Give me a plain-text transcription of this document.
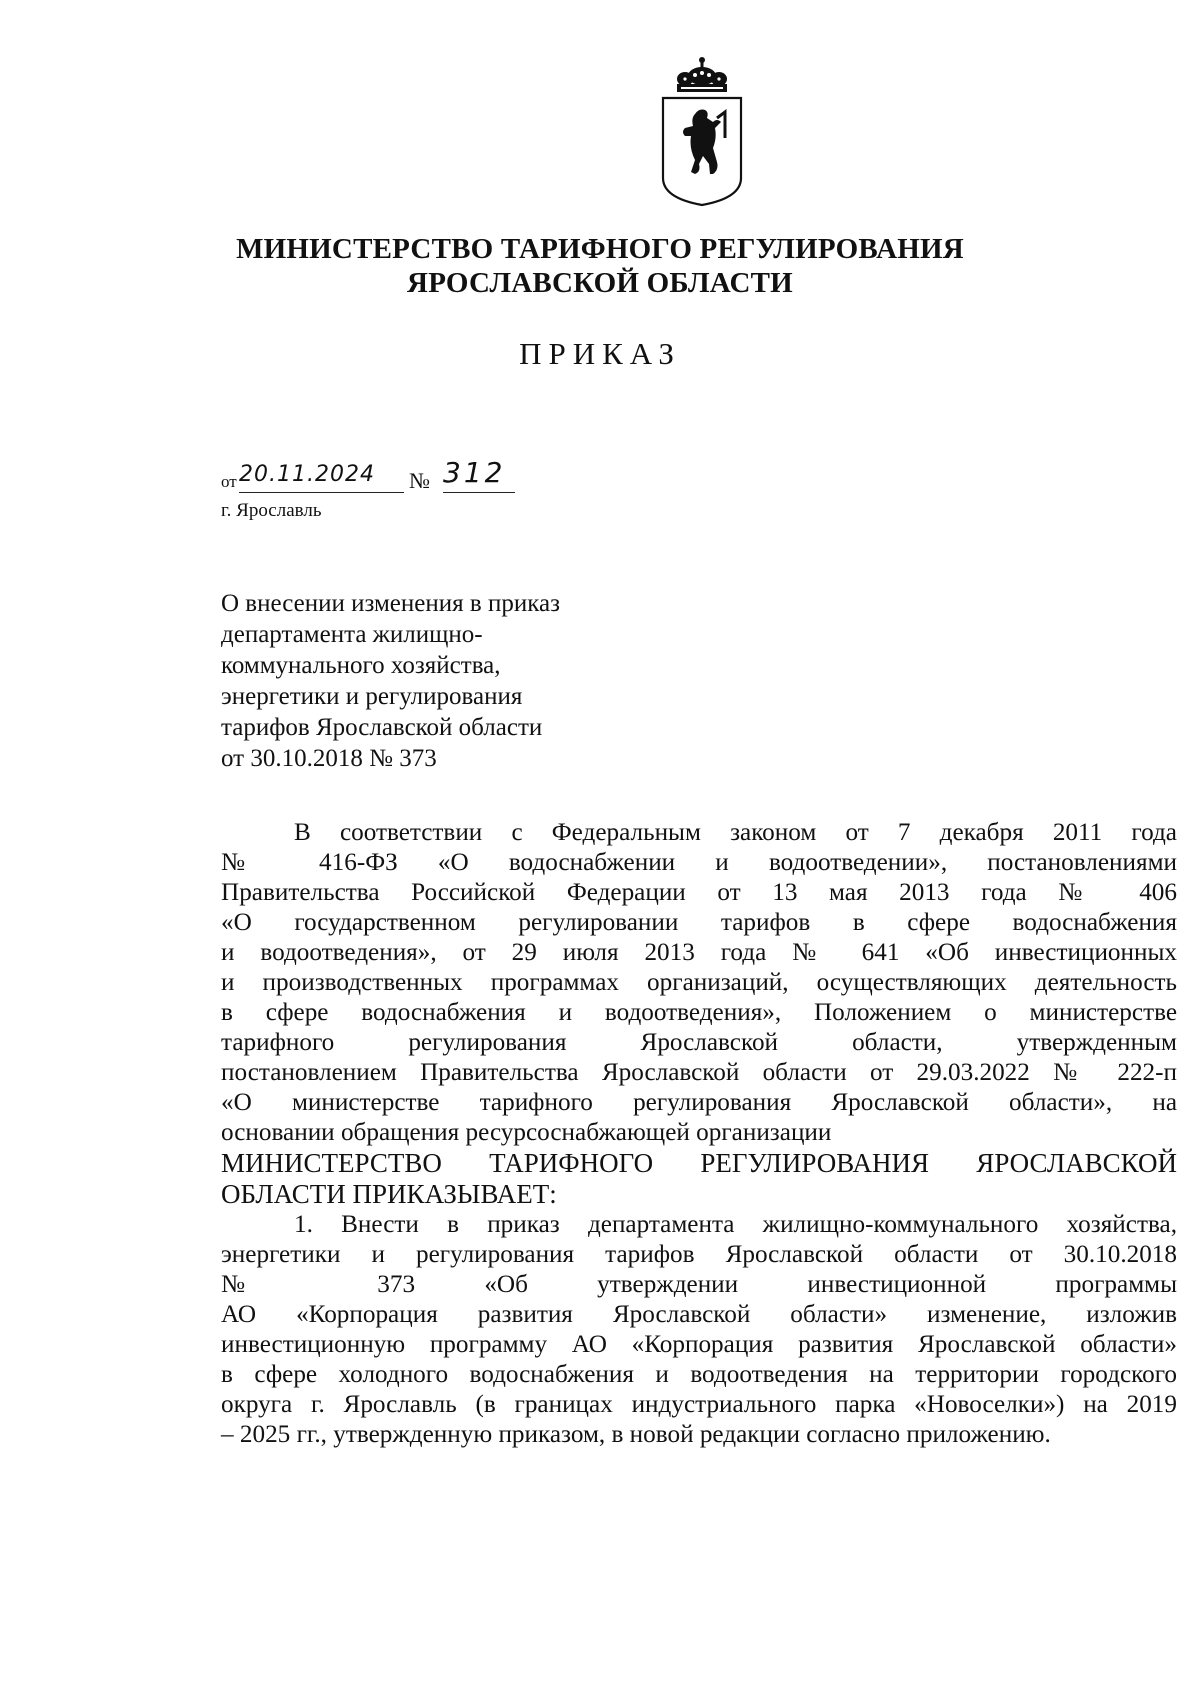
МИНИСТЕРСТВО ТАРИФНОГО РЕГУЛИРОВАНИЯ
ЯРОСЛАВСКОЙ ОБЛАСТИ
ПРИКАЗ
от 20.11.2024	№ 312
г. Ярославль
О внесении изменения в приказ
департамента жилищно-
коммунального хозяйства,
энергетики и регулирования
тарифов Ярославской области
от 30.10.2018 № 373
В соответствии с Федеральным законом от 7 декабря 2011 года
№ 416-ФЗ «О водоснабжении и водоотведении», постановлениями
Правительства Российской Федерации от 13 мая 2013 года № 406
«О государственном регулировании тарифов в сфере водоснабжения
и водоотведения», от 29 июля 2013 года № 641 «Об инвестиционных
и производственных программах организаций, осуществляющих деятельность
в сфере водоснабжения и водоотведения», Положением о министерстве
тарифного регулирования Ярославской области, утвержденным
постановлением Правительства Ярославской области от 29.03.2022 № 222-п
«О министерстве тарифного регулирования Ярославской области», на
основании обращения ресурсоснабжающей организации
МИНИСТЕРСТВО ТАРИФНОГО РЕГУЛИРОВАНИЯ ЯРОСЛАВСКОЙ
ОБЛАСТИ ПРИКАЗЫВАЕТ:
1. Внести в приказ департамента жилищно-коммунального хозяйства,
энергетики и регулирования тарифов Ярославской области от 30.10.2018
№ 373 «Об утверждении инвестиционной программы
АО «Корпорация развития Ярославской области» изменение, изложив
инвестиционную программу АО «Корпорация развития Ярославской области»
в сфере холодного водоснабжения и водоотведения на территории городского
округа г. Ярославль (в границах индустриального парка «Новоселки») на 2019
– 2025 гг., утвержденную приказом, в новой редакции согласно приложению.
